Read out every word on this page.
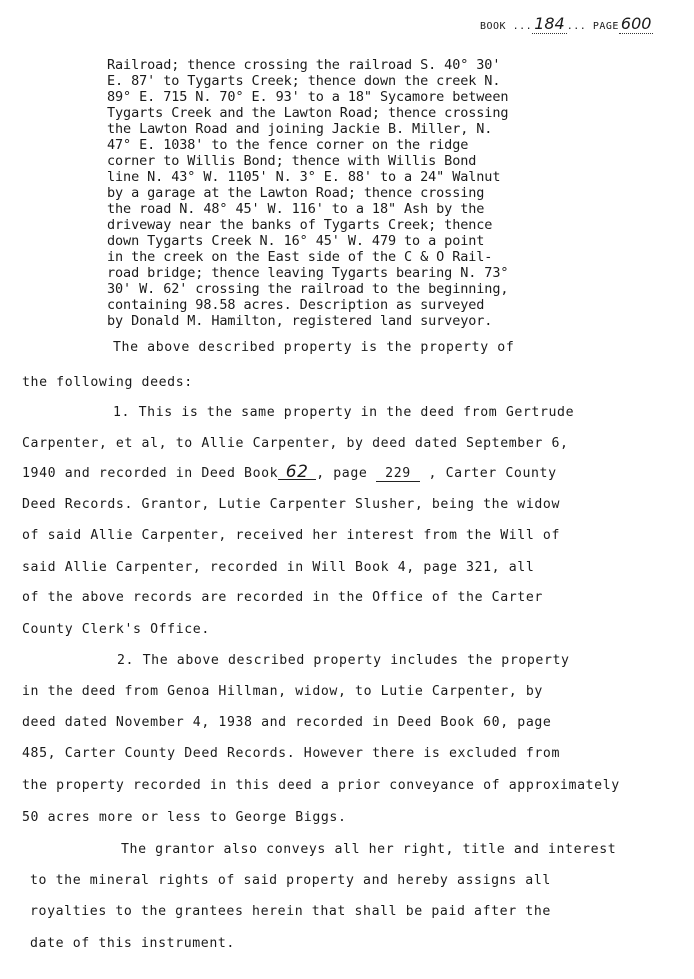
BOOK ... 184 ... PAGE 600
Railroad; thence crossing the railroad S. 40° 30'
E. 87' to Tygarts Creek; thence down the creek N.
89° E. 715 N. 70° E. 93' to a 18" Sycamore between
Tygarts Creek and the Lawton Road; thence crossing
the Lawton Road and joining Jackie B. Miller, N.
47° E. 1038' to the fence corner on the ridge
corner to Willis Bond; thence with Willis Bond
line N. 43° W. 1105' N. 3° E. 88' to a 24" Walnut
by a garage at the Lawton Road; thence crossing
the road N. 48° 45' W. 116' to a 18" Ash by the
driveway near the banks of Tygarts Creek; thence
down Tygarts Creek N. 16° 45' W. 479 to a point
in the creek on the East side of the C & O Rail-
road bridge; thence leaving Tygarts bearing N. 73°
30' W. 62' crossing the railroad to the beginning,
containing 98.58 acres. Description as surveyed
by Donald M. Hamilton, registered land surveyor.
The above described property is the property of
the following deeds:
1. This is the same property in the deed from Gertrude
Carpenter, et al, to Allie Carpenter, by deed dated September 6,
1940 and recorded in Deed Book 62 , page 229 , Carter County
Deed Records. Grantor, Lutie Carpenter Slusher, being the widow
of said Allie Carpenter, received her interest from the Will of
said Allie Carpenter, recorded in Will Book 4, page 321, all
of the above records are recorded in the Office of the Carter
County Clerk's Office.
2. The above described property includes the property
in the deed from Genoa Hillman, widow, to Lutie Carpenter, by
deed dated November 4, 1938 and recorded in Deed Book 60, page
485, Carter County Deed Records. However there is excluded from
the property recorded in this deed a prior conveyance of approximately
50 acres more or less to George Biggs.
The grantor also conveys all her right, title and interest
to the mineral rights of said property and hereby assigns all
royalties to the grantees herein that shall be paid after the
date of this instrument.
